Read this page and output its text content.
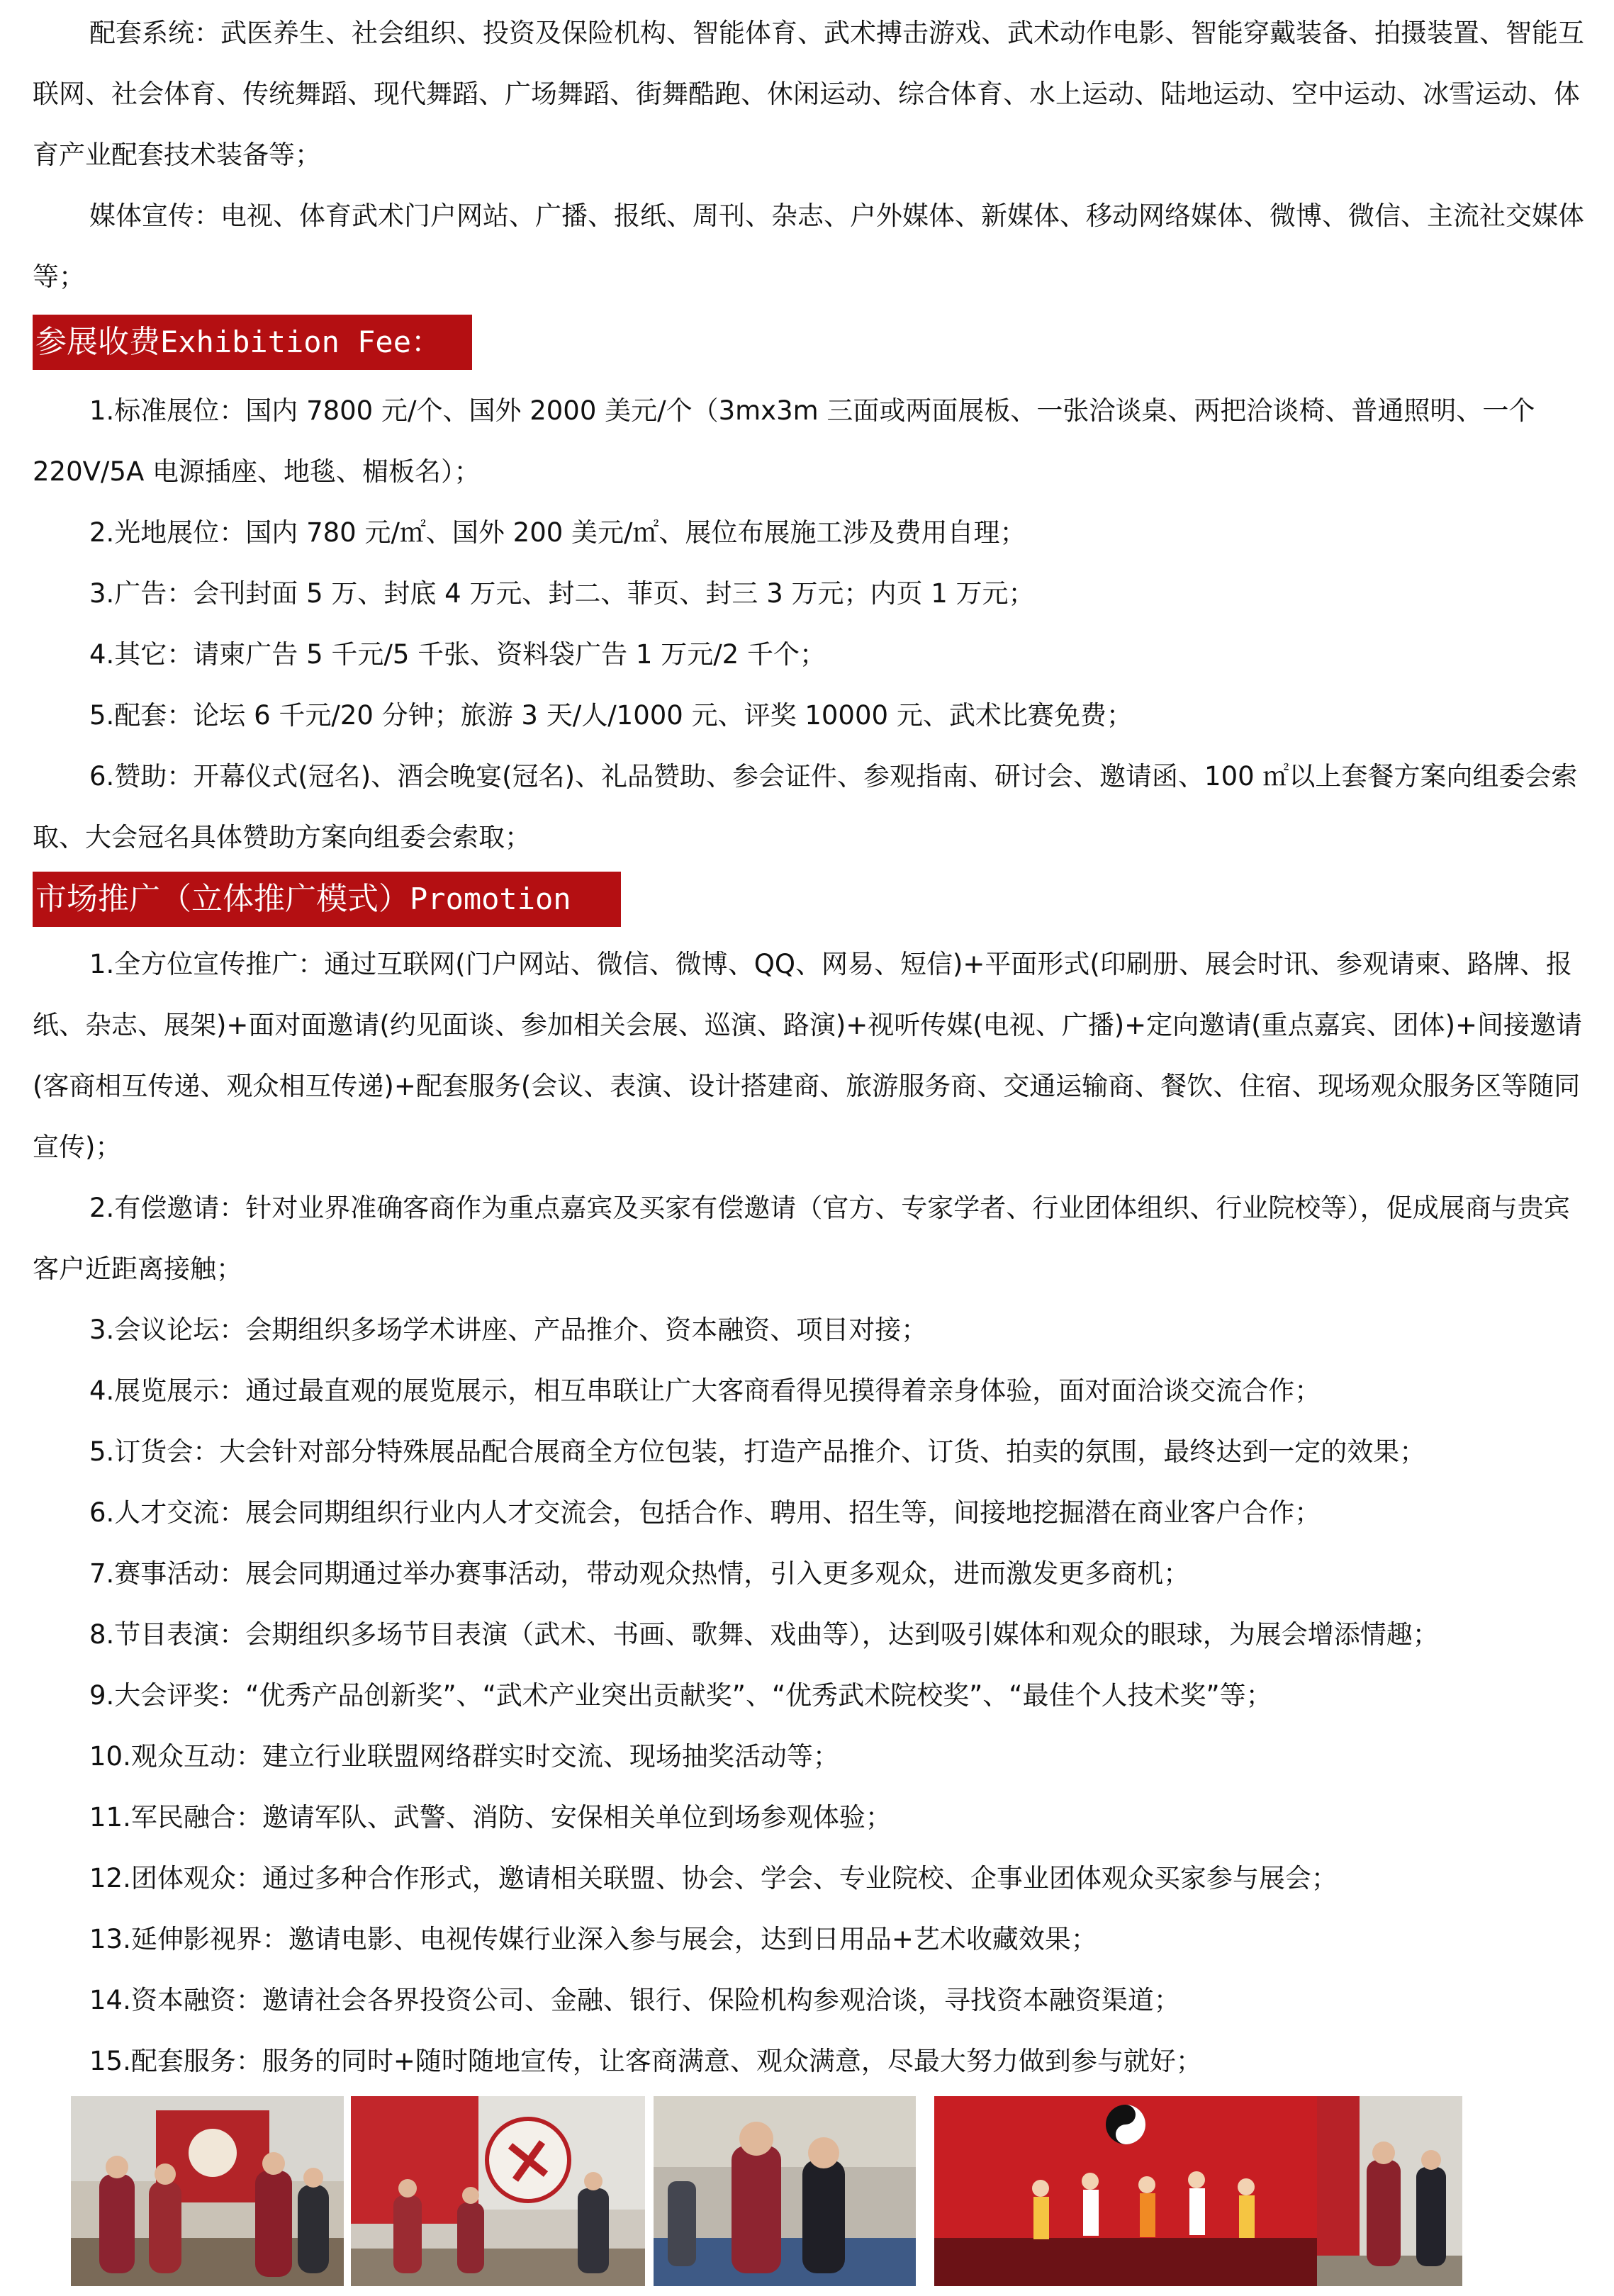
配套系统：武医养生、社会组织、投资及保险机构、智能体育、武术搏击游戏、武术动作电影、智能穿戴装备、拍摄装置、智能互联网、社会体育、传统舞蹈、现代舞蹈、广场舞蹈、街舞酷跑、休闲运动、综合体育、水上运动、陆地运动、空中运动、冰雪运动、体育产业配套技术装备等；

媒体宣传：电视、体育武术门户网站、广播、报纸、周刊、杂志、户外媒体、新媒体、移动网络媒体、微博、微信、主流社交媒体等；

参展收费Exhibition Fee：

1.标准展位：国内 7800 元/个、国外 2000 美元/个（3mx3m 三面或两面展板、一张洽谈桌、两把洽谈椅、普通照明、一个 220V/5A 电源插座、地毯、楣板名）；

2.光地展位：国内 780 元/㎡、国外 200 美元/㎡、展位布展施工涉及费用自理；

3.广告：会刊封面 5 万、封底 4 万元、封二、菲页、封三 3 万元；内页 1 万元；

4.其它：请柬广告 5 千元/5 千张、资料袋广告 1 万元/2 千个；

5.配套：论坛 6 千元/20 分钟；旅游 3 天/人/1000 元、评奖 10000 元、武术比赛免费；

6.赞助：开幕仪式(冠名)、酒会晚宴(冠名)、礼品赞助、参会证件、参观指南、研讨会、邀请函、100 ㎡以上套餐方案向组委会索取、大会冠名具体赞助方案向组委会索取；

市场推广（立体推广模式）Promotion

1.全方位宣传推广：通过互联网(门户网站、微信、微博、QQ、网易、短信)+平面形式(印刷册、展会时讯、参观请柬、路牌、报纸、杂志、展架)+面对面邀请(约见面谈、参加相关会展、巡演、路演)+视听传媒(电视、广播)+定向邀请(重点嘉宾、团体)+间接邀请(客商相互传递、观众相互传递)+配套服务(会议、表演、设计搭建商、旅游服务商、交通运输商、餐饮、住宿、现场观众服务区等随同宣传)；

2.有偿邀请：针对业界准确客商作为重点嘉宾及买家有偿邀请（官方、专家学者、行业团体组织、行业院校等），促成展商与贵宾客户近距离接触；

3.会议论坛：会期组织多场学术讲座、产品推介、资本融资、项目对接；

4.展览展示：通过最直观的展览展示，相互串联让广大客商看得见摸得着亲身体验，面对面洽谈交流合作；

5.订货会：大会针对部分特殊展品配合展商全方位包装，打造产品推介、订货、拍卖的氛围，最终达到一定的效果；

6.人才交流：展会同期组织行业内人才交流会，包括合作、聘用、招生等，间接地挖掘潜在商业客户合作；

7.赛事活动：展会同期通过举办赛事活动，带动观众热情，引入更多观众，进而激发更多商机；

8.节目表演：会期组织多场节目表演（武术、书画、歌舞、戏曲等），达到吸引媒体和观众的眼球，为展会增添情趣；

9.大会评奖：“优秀产品创新奖”、“武术产业突出贡献奖”、“优秀武术院校奖”、“最佳个人技术奖”等；

10.观众互动：建立行业联盟网络群实时交流、现场抽奖活动等；

11.军民融合：邀请军队、武警、消防、安保相关单位到场参观体验；

12.团体观众：通过多种合作形式，邀请相关联盟、协会、学会、专业院校、企事业团体观众买家参与展会；

13.延伸影视界：邀请电影、电视传媒行业深入参与展会，达到日用品+艺术收藏效果；

14.资本融资：邀请社会各界投资公司、金融、银行、保险机构参观洽谈，寻找资本融资渠道；

15.配套服务：服务的同时+随时随地宣传，让客商满意、观众满意，尽最大努力做到参与就好；
